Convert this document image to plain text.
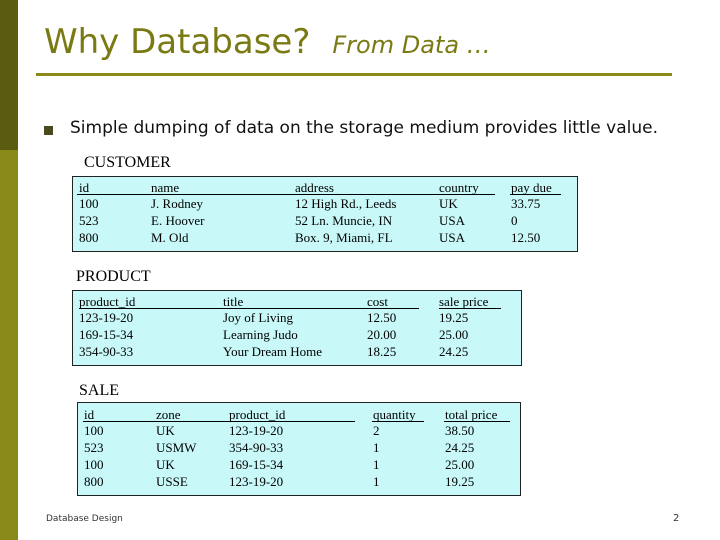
Why Database? From Data …
Simple dumping of data on the storage medium provides little value.
CUSTOMER
id
100
523
800
name
J. Rodney
E. Hoover
M. Old
address
12 High Rd., Leeds
52 Ln. Muncie, IN
Box. 9, Miami, FL
country
UK
USA
USA
pay due
33.75
0
12.50
PRODUCT
product_id
123-19-20
169-15-34
354-90-33
title
Joy of Living
Learning Judo
Your Dream Home
cost
12.50
20.00
18.25
sale price
19.25
25.00
24.25
SALE
id
100
523
100
800
zone
UK
USMW
UK
USSE
product_id
123-19-20
354-90-33
169-15-34
123-19-20
quantity
2
1
1
1
total price
38.50
24.25
25.00
19.25
Database Design	2
